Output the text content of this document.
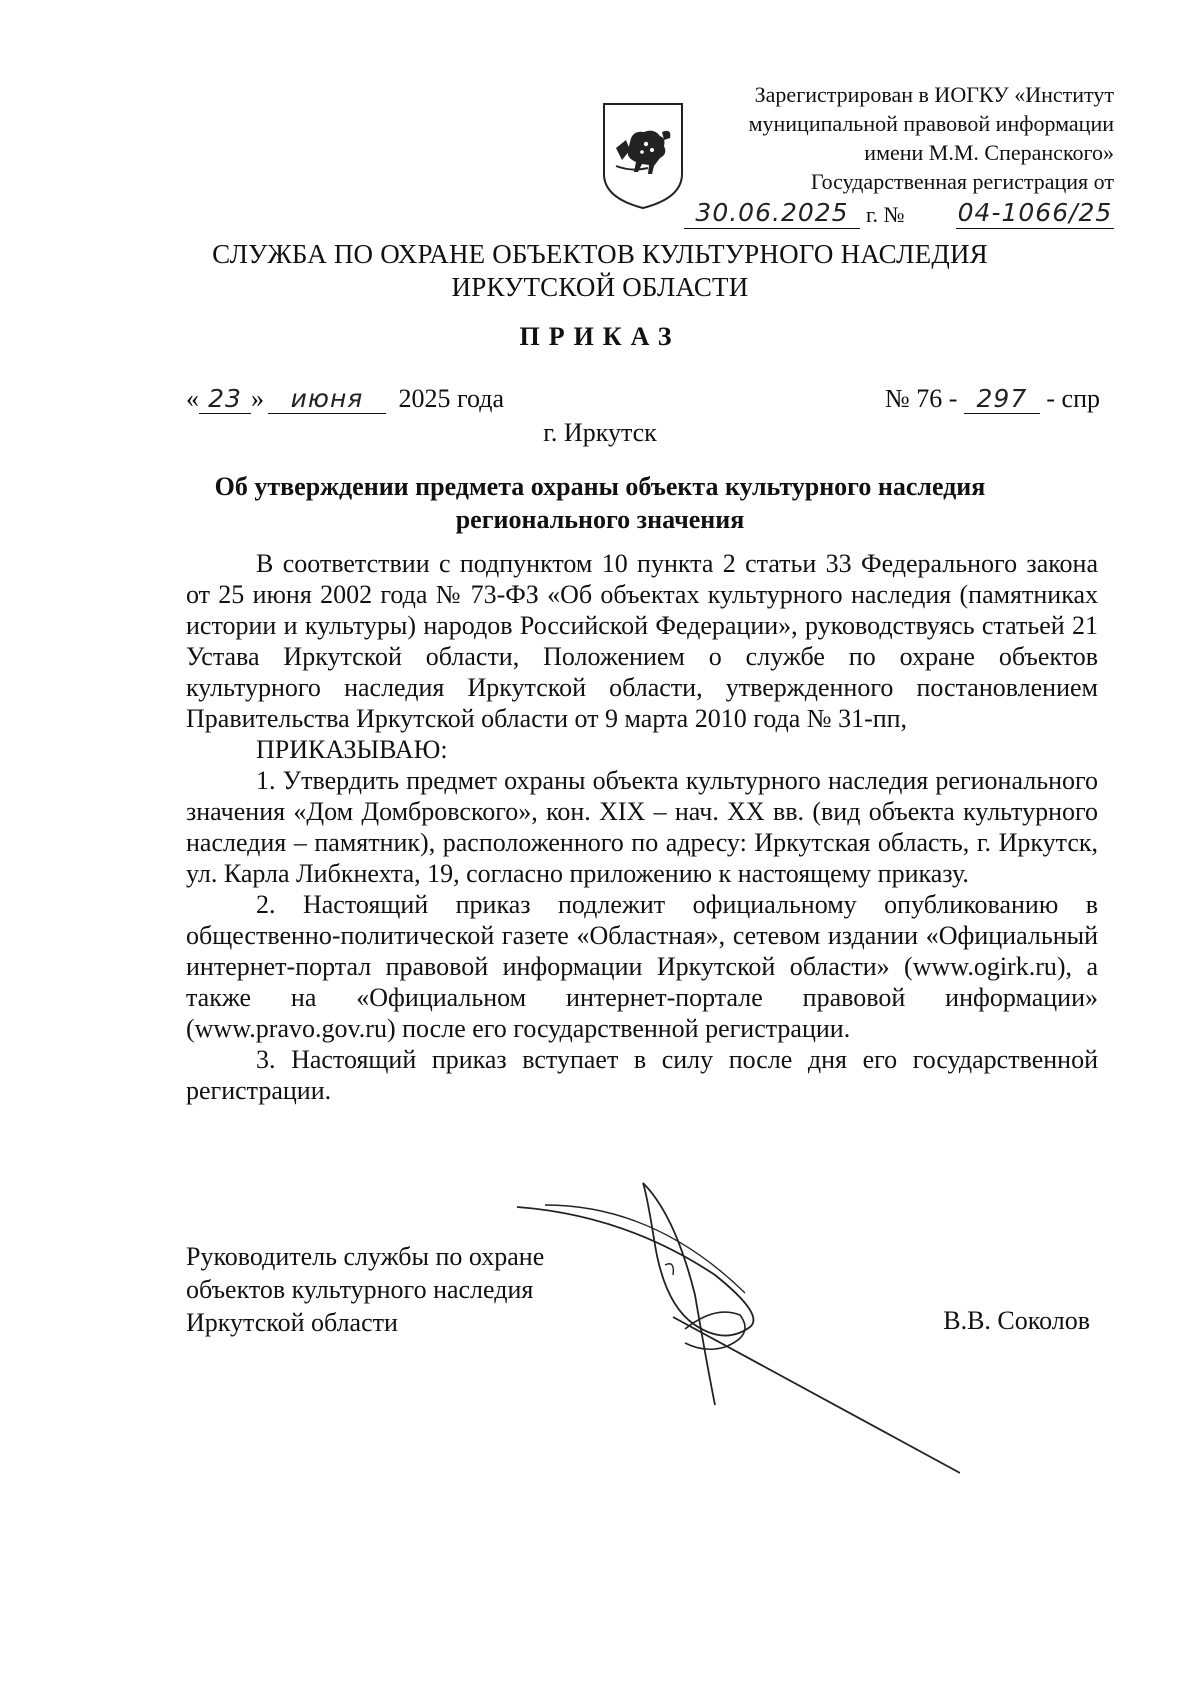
Зарегистрирован в ИОГКУ «Институт
муниципальной правовой информации
имени М.М. Сперанского»
Государственная регистрация от
30.06.2025 г. № 04-1066/25
СЛУЖБА ПО ОХРАНЕ ОБЪЕКТОВ КУЛЬТУРНОГО НАСЛЕДИЯ
ИРКУТСКОЙ ОБЛАСТИ
ПРИКАЗ
« 23 » июня 2025 года	№ 76 - 297 - спр
г. Иркутск
Об утверждении предмета охраны объекта культурного наследия
регионального значения

В соответствии с подпунктом 10 пункта 2 статьи 33 Федерального закона от 25 июня 2002 года № 73-ФЗ «Об объектах культурного наследия (памятниках истории и культуры) народов Российской Федерации», руководствуясь статьей 21 Устава Иркутской области, Положением о службе по охране объектов культурного наследия Иркутской области, утвержденного постановлением Правительства Иркутской области от 9 марта 2010 года № 31-пп,

ПРИКАЗЫВАЮ:

1. Утвердить предмет охраны объекта культурного наследия регионального значения «Дом Домбровского», кон. XIX – нач. XX вв. (вид объекта культурного наследия – памятник), расположенного по адресу: Иркутская область, г. Иркутск, ул. Карла Либкнехта, 19, согласно приложению к настоящему приказу.

2. Настоящий приказ подлежит официальному опубликованию в общественно-политической газете «Областная», сетевом издании «Официальный интернет-портал правовой информации Иркутской области» (www.ogirk.ru), а также на «Официальном интернет-портале правовой информации» (www.pravo.gov.ru) после его государственной регистрации.

3. Настоящий приказ вступает в силу после дня его государственной регистрации.

Руководитель службы по охране
объектов культурного наследия
Иркутской области	В.В. Соколов
